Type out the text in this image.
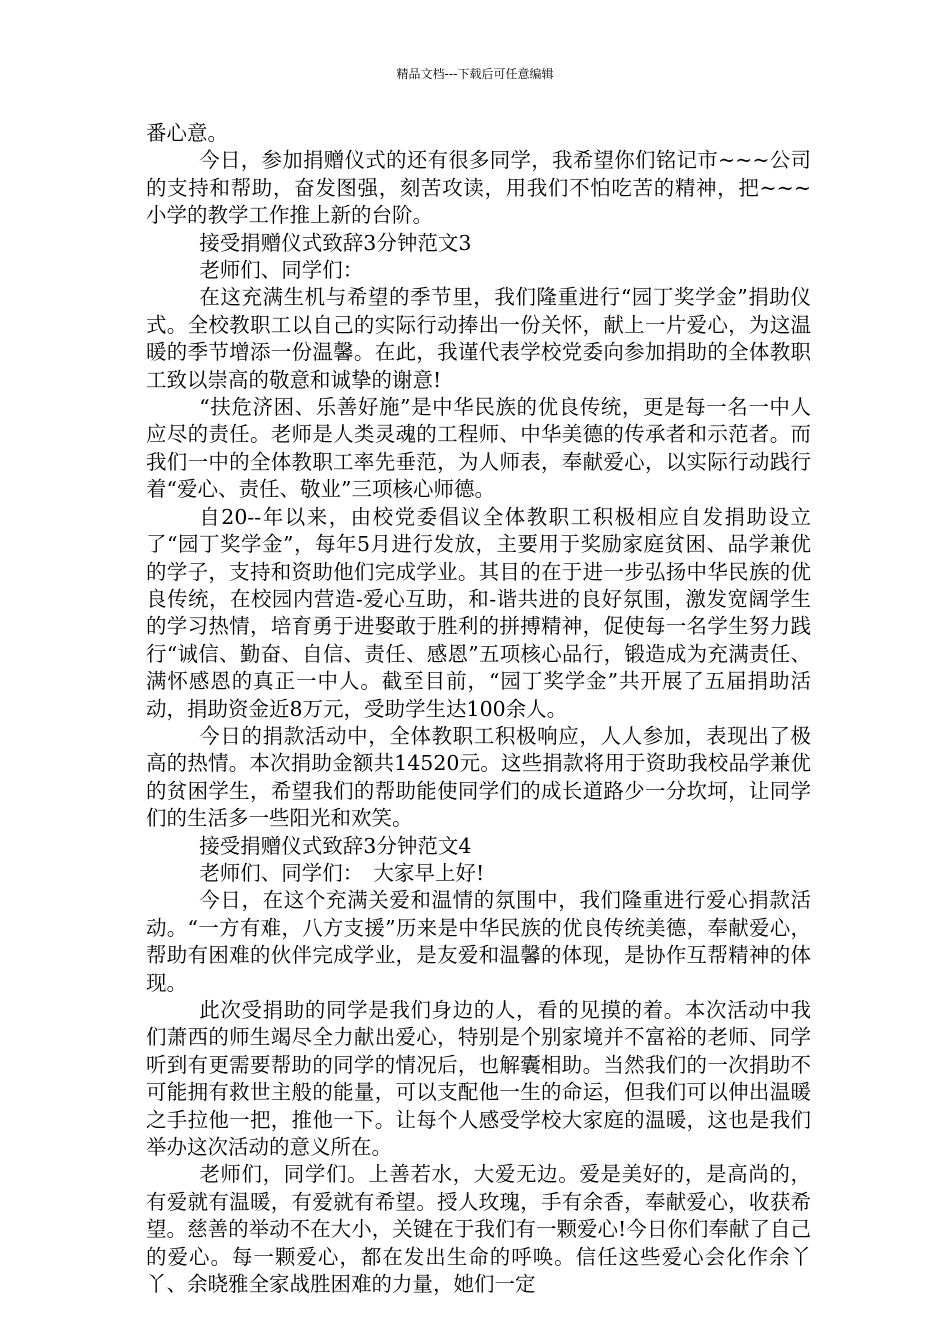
精品文档---下载后可任意编辑

番心意。

今日，参加捐赠仪式的还有很多同学，我希望你们铭记市~~~公司的支持和帮助，奋发图强，刻苦攻读，用我们不怕吃苦的精神，把~~~小学的教学工作推上新的台阶。

接受捐赠仪式致辞3分钟范文3

老师们、同学们：

在这充满生机与希望的季节里，我们隆重进行“园丁奖学金”捐助仪式。全校教职工以自己的实际行动捧出一份关怀，献上一片爱心，为这温暖的季节增添一份温馨。在此，我谨代表学校党委向参加捐助的全体教职工致以崇高的敬意和诚挚的谢意!

“扶危济困、乐善好施”是中华民族的优良传统，更是每一名一中人应尽的责任。老师是人类灵魂的工程师、中华美德的传承者和示范者。而我们一中的全体教职工率先垂范，为人师表，奉献爱心，以实际行动践行着“爱心、责任、敬业”三项核心师德。

自20--年以来，由校党委倡议全体教职工积极相应自发捐助设立了“园丁奖学金”，每年5月进行发放，主要用于奖励家庭贫困、品学兼优的学子，支持和资助他们完成学业。其目的在于进一步弘扬中华民族的优良传统，在校园内营造-爱心互助，和-谐共进的良好氛围，激发宽阔学生的学习热情，培育勇于进娶敢于胜利的拼搏精神，促使每一名学生努力践行“诚信、勤奋、自信、责任、感恩”五项核心品行，锻造成为充满责任、满怀感恩的真正一中人。截至目前，“园丁奖学金”共开展了五届捐助活动，捐助资金近8万元，受助学生达100余人。

今日的捐款活动中，全体教职工积极响应，人人参加，表现出了极高的热情。本次捐助金额共14520元。这些捐款将用于资助我校品学兼优的贫困学生，希望我们的帮助能使同学们的成长道路少一分坎坷，让同学们的生活多一些阳光和欢笑。

接受捐赠仪式致辞3分钟范文4

老师们、同学们：　大家早上好!

今日，在这个充满关爱和温情的氛围中，我们隆重进行爱心捐款活动。“一方有难，八方支援”历来是中华民族的优良传统美德，奉献爱心，帮助有困难的伙伴完成学业，是友爱和温馨的体现，是协作互帮精神的体现。

此次受捐助的同学是我们身边的人，看的见摸的着。本次活动中我们萧西的师生竭尽全力献出爱心，特别是个别家境并不富裕的老师、同学听到有更需要帮助的同学的情况后，也解囊相助。当然我们的一次捐助不可能拥有救世主般的能量，可以支配他一生的命运，但我们可以伸出温暖之手拉他一把，推他一下。让每个人感受学校大家庭的温暖，这也是我们举办这次活动的意义所在。

老师们，同学们。上善若水，大爱无边。爱是美好的，是高尚的，有爱就有温暖，有爱就有希望。授人玫瑰，手有余香，奉献爱心，收获希望。慈善的举动不在大小，关键在于我们有一颗爱心!今日你们奉献了自己的爱心。每一颗爱心，都在发出生命的呼唤。信任这些爱心会化作余丫丫、余晓雅全家战胜困难的力量，她们一定
